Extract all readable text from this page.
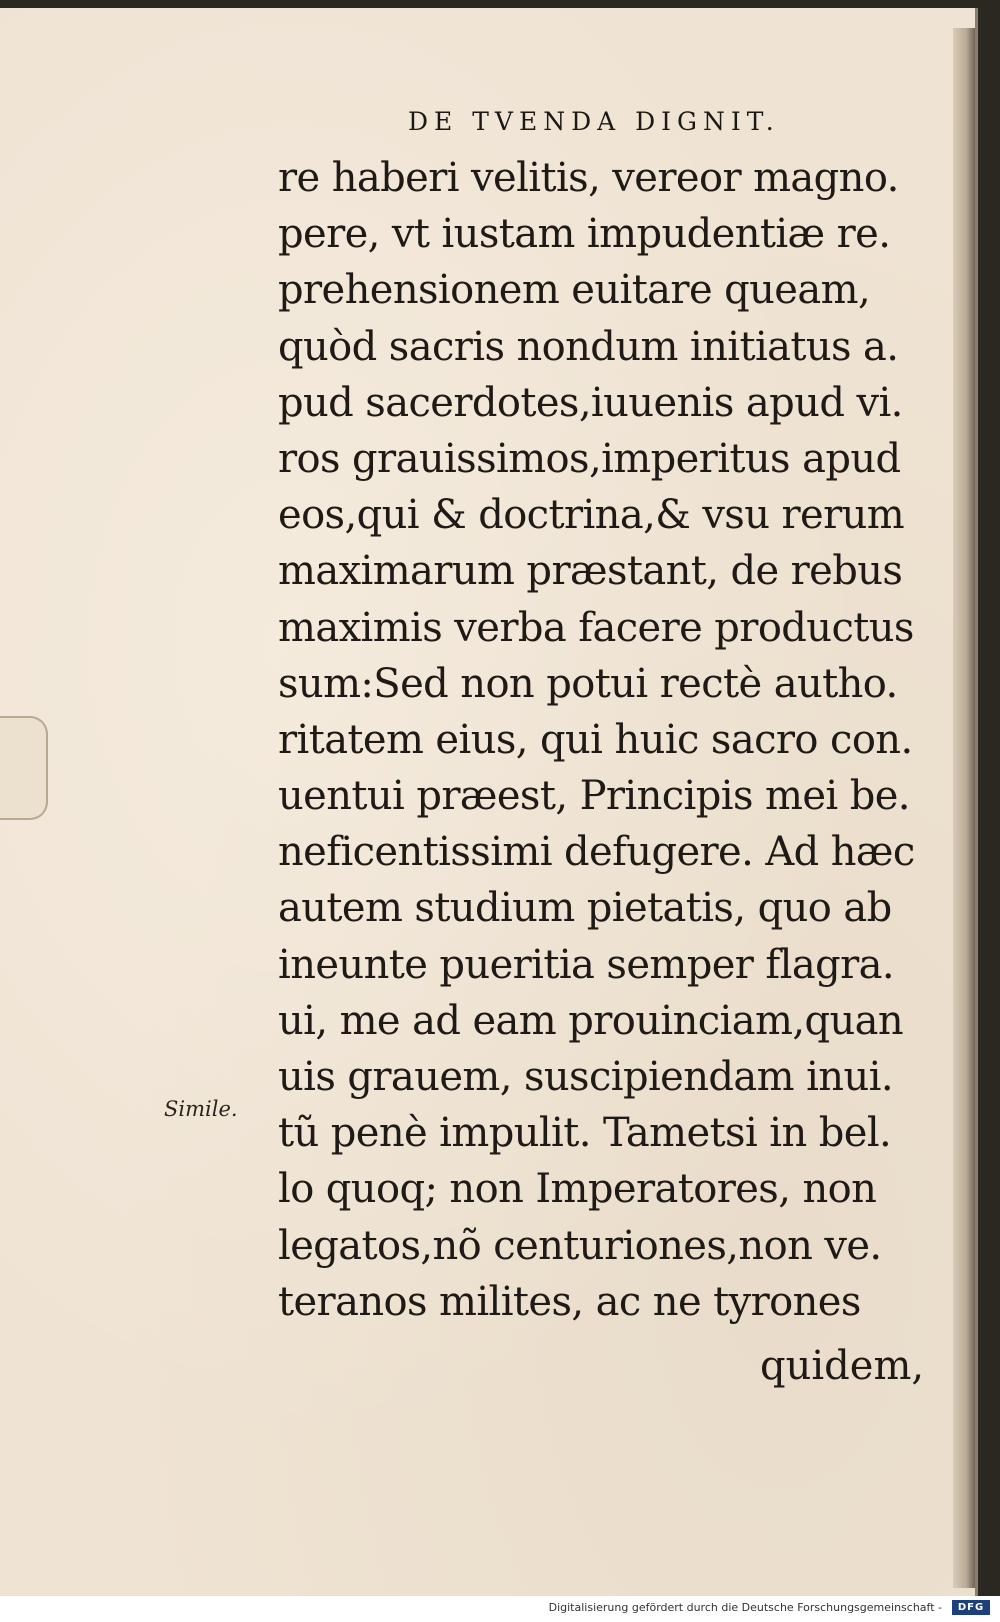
DE TVENDA DIGNIT.
re haberi velitis, vereor magno.
pere, vt iustam impudentiæ re.
prehensionem euitare queam,
quòd sacris nondum initiatus a.
pud sacerdotes,iuuenis apud vi.
ros grauissimos,imperitus apud
eos,qui & doctrina,& vsu rerum
maximarum præstant, de rebus
maximis verba facere productus
sum:Sed non potui rectè autho.
ritatem eius, qui huic sacro con.
uentui præest, Principis mei be.
neficentissimi defugere. Ad hæc
autem studium pietatis, quo ab
ineunte pueritia semper flagra.
ui, me ad eam prouinciam,quan
uis grauem, suscipiendam inui.
tũ penè impulit. Tametsi in bel.
lo quoq; non Imperatores, non
legatos,nõ centuriones,non ve.
teranos milites, ac ne tyrones
quidem,
Simile.
Digitalisierung gefördert durch die Deutsche Forschungsgemeinschaft -	DFG
